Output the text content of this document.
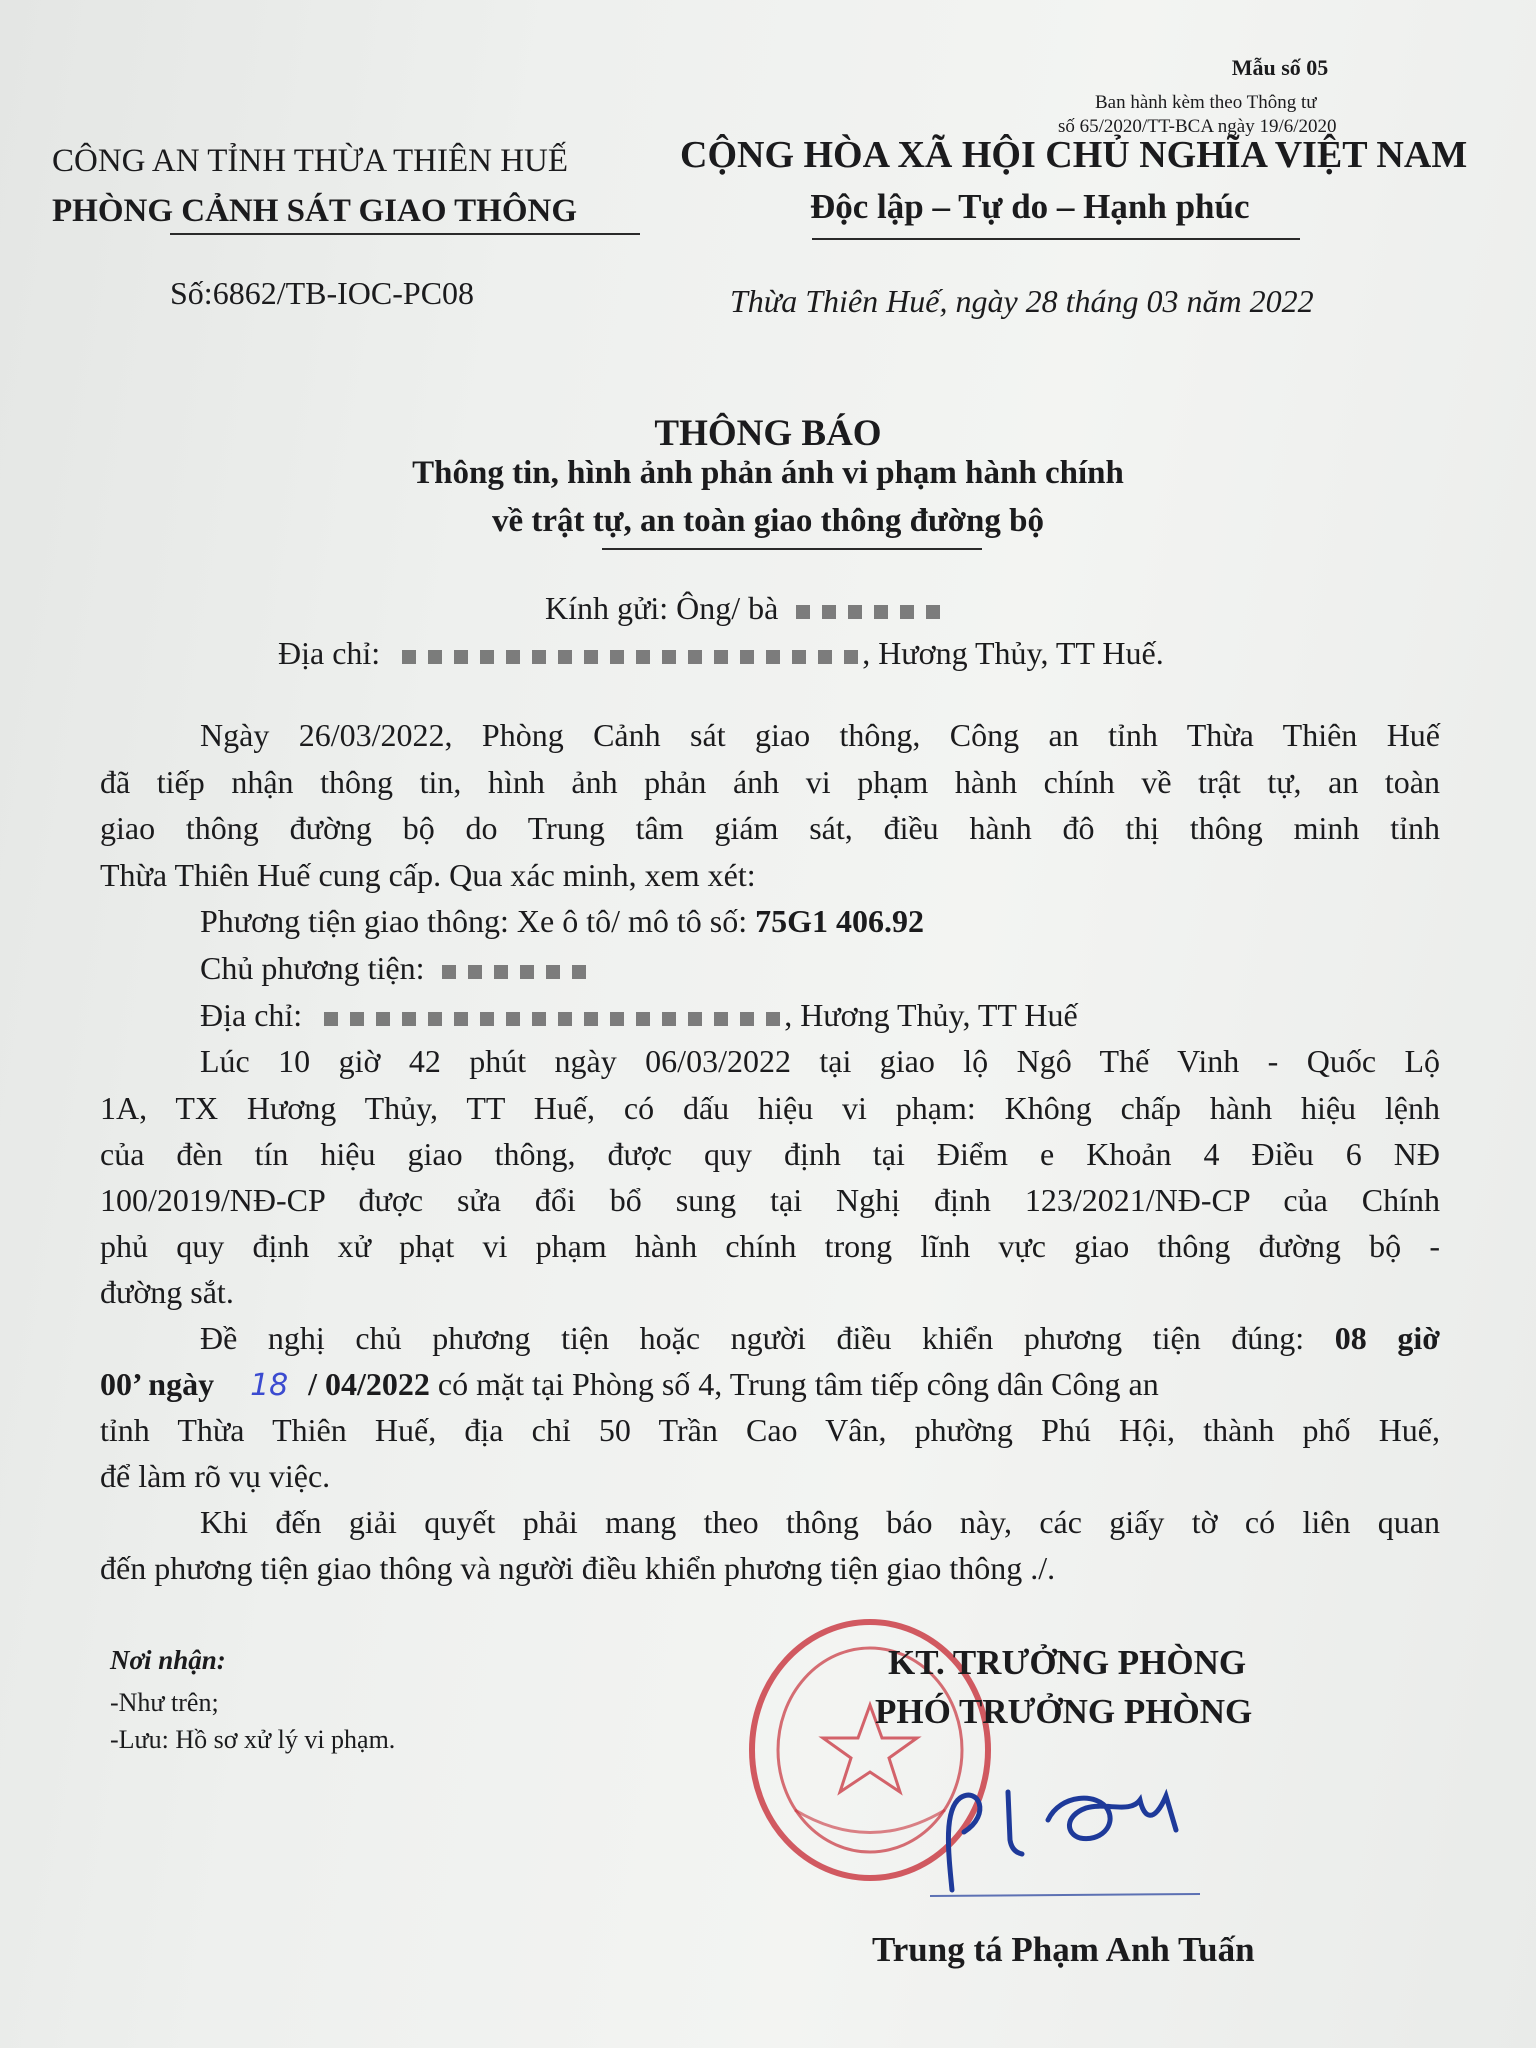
Mẫu số 05
Ban hành kèm theo Thông tư
số 65/2020/TT-BCA ngày 19/6/2020
CÔNG AN TỈNH THỪA THIÊN HUẾ
PHÒNG CẢNH SÁT GIAO THÔNG
CỘNG HÒA XÃ HỘI CHỦ NGHĨA VIỆT NAM
Độc lập – Tự do – Hạnh phúc
Số:6862/TB-IOC-PC08	Thừa Thiên Huế, ngày 28 tháng 03 năm 2022
THÔNG BÁO
Thông tin, hình ảnh phản ánh vi phạm hành chính
về trật tự, an toàn giao thông đường bộ

Kính gửi: Ông/ bà
Địa chỉ:	, Hương Thủy, TT Huế.
Ngày 26/03/2022, Phòng Cảnh sát giao thông, Công an tỉnh Thừa Thiên Huế
đã tiếp nhận thông tin, hình ảnh phản ánh vi phạm hành chính về trật tự, an toàn
giao thông đường bộ do Trung tâm giám sát, điều hành đô thị thông minh tỉnh
Thừa Thiên Huế cung cấp. Qua xác minh, xem xét:
Phương tiện giao thông: Xe ô tô/ mô tô số: 75G1 406.92
Chủ phương tiện:
Địa chỉ:	, Hương Thủy, TT Huế
Lúc 10 giờ 42 phút ngày 06/03/2022 tại giao lộ Ngô Thế Vinh - Quốc Lộ
1A, TX Hương Thủy, TT Huế, có dấu hiệu vi phạm: Không chấp hành hiệu lệnh
của đèn tín hiệu giao thông, được quy định tại Điểm e Khoản 4 Điều 6 NĐ
100/2019/NĐ-CP được sửa đổi bổ sung tại Nghị định 123/2021/NĐ-CP của Chính
phủ quy định xử phạt vi phạm hành chính trong lĩnh vực giao thông đường bộ -
đường sắt.
Đề nghị chủ phương tiện hoặc người điều khiển phương tiện đúng: 08 giờ
00’ ngày 18 / 04/2022 có mặt tại Phòng số 4, Trung tâm tiếp công dân Công an
tỉnh Thừa Thiên Huế, địa chỉ 50 Trần Cao Vân, phường Phú Hội, thành phố Huế,
để làm rõ vụ việc.
Khi đến giải quyết phải mang theo thông báo này, các giấy tờ có liên quan
đến phương tiện giao thông và người điều khiển phương tiện giao thông ./.
Nơi nhận:
-Như trên;
-Lưu: Hồ sơ xử lý vi phạm.
KT. TRƯỞNG PHÒNG
PHÓ TRƯỞNG PHÒNG
Trung tá Phạm Anh Tuấn
